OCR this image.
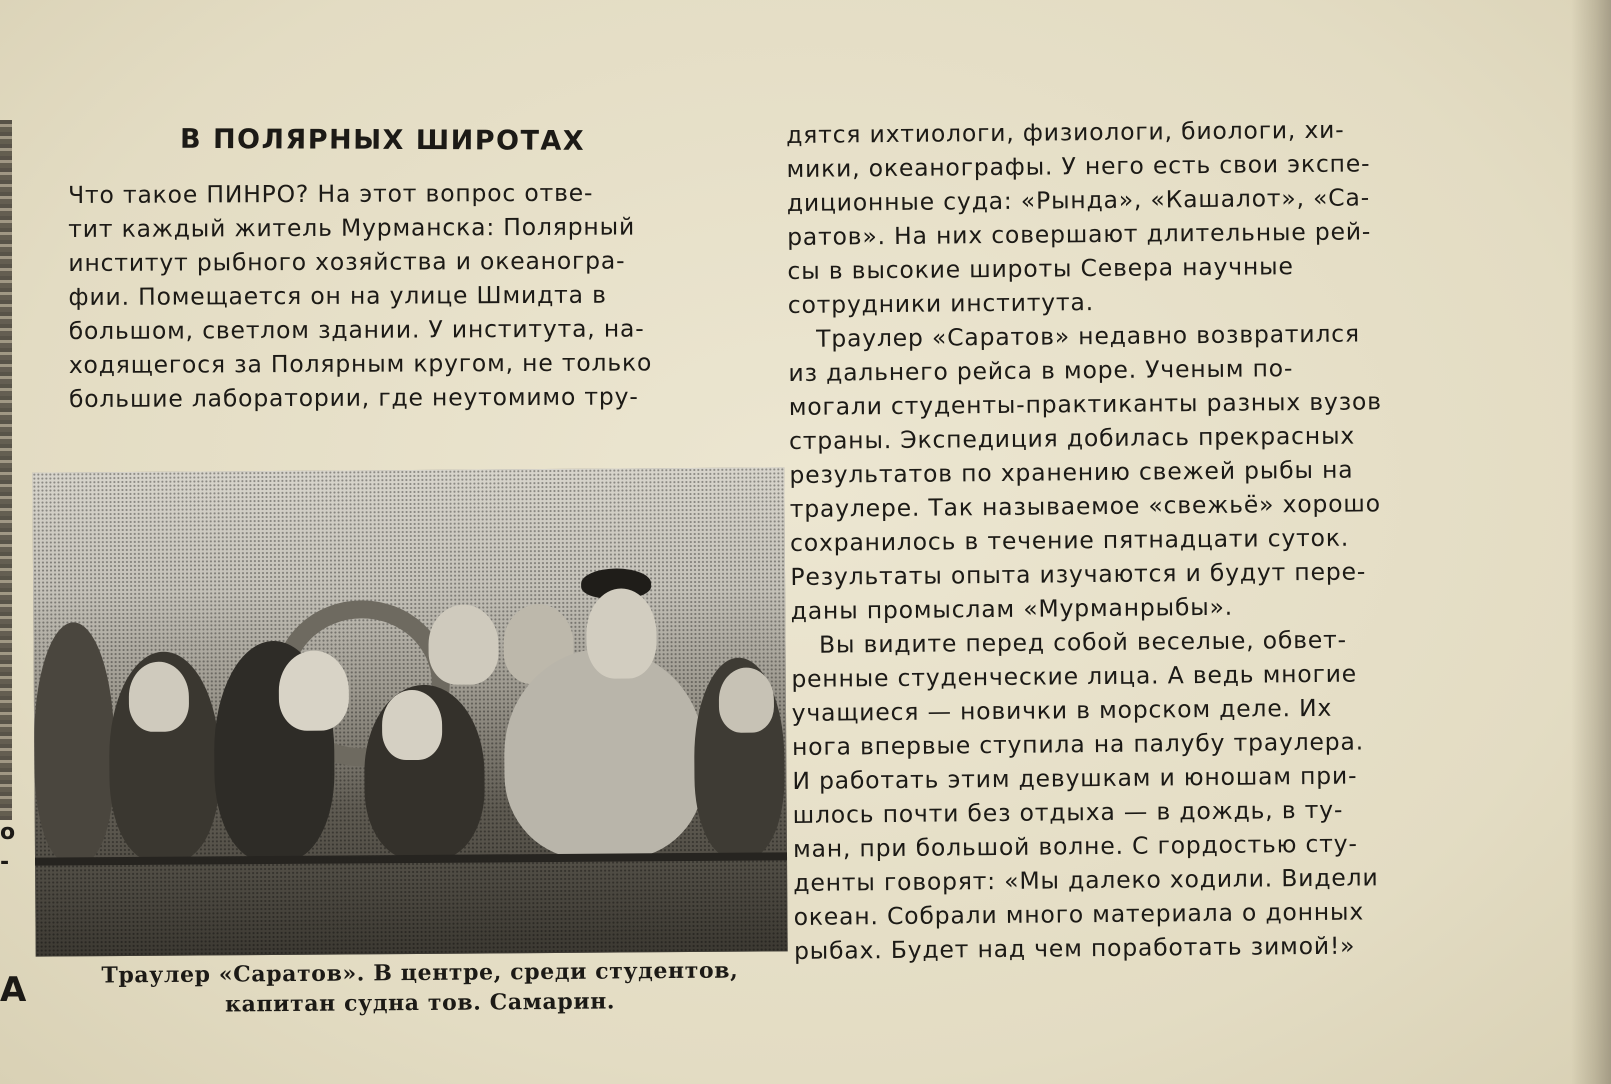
о
-
А
В ПОЛЯРНЫХ ШИРОТАХ
Что такое ПИНРО? На этот вопрос отве-
тит каждый житель Мурманска: Полярный
институт рыбного хозяйства и океаногра-
фии. Помещается он на улице Шмидта в
большом, светлом здании. У института, на-
ходящегося за Полярным кругом, не только
большие лаборатории, где неутомимо тру-
Траулер «Саратов». В центре, среди студентов,
капитан судна тов. Самарин.
дятся ихтиологи, физиологи, биологи, хи-
мики, океанографы. У него есть свои экспе-
диционные суда: «Рында», «Кашалот», «Са-
ратов». На них совершают длительные рей-
сы в высокие широты Севера научные
сотрудники института.
Траулер «Саратов» недавно возвратился
из дальнего рейса в море. Ученым по-
могали студенты-практиканты разных вузов
страны. Экспедиция добилась прекрасных
результатов по хранению свежей рыбы на
траулере. Так называемое «свежьё» хорошо
сохранилось в течение пятнадцати суток.
Результаты опыта изучаются и будут пере-
даны промыслам «Мурманрыбы».
Вы видите перед собой веселые, обвет-
ренные студенческие лица. А ведь многие
учащиеся — новички в морском деле. Их
нога впервые ступила на палубу траулера.
И работать этим девушкам и юношам при-
шлось почти без отдыха — в дождь, в ту-
ман, при большой волне. С гордостью сту-
денты говорят: «Мы далеко ходили. Видели
океан. Собрали много материала о донных
рыбах. Будет над чем поработать зимой!»
